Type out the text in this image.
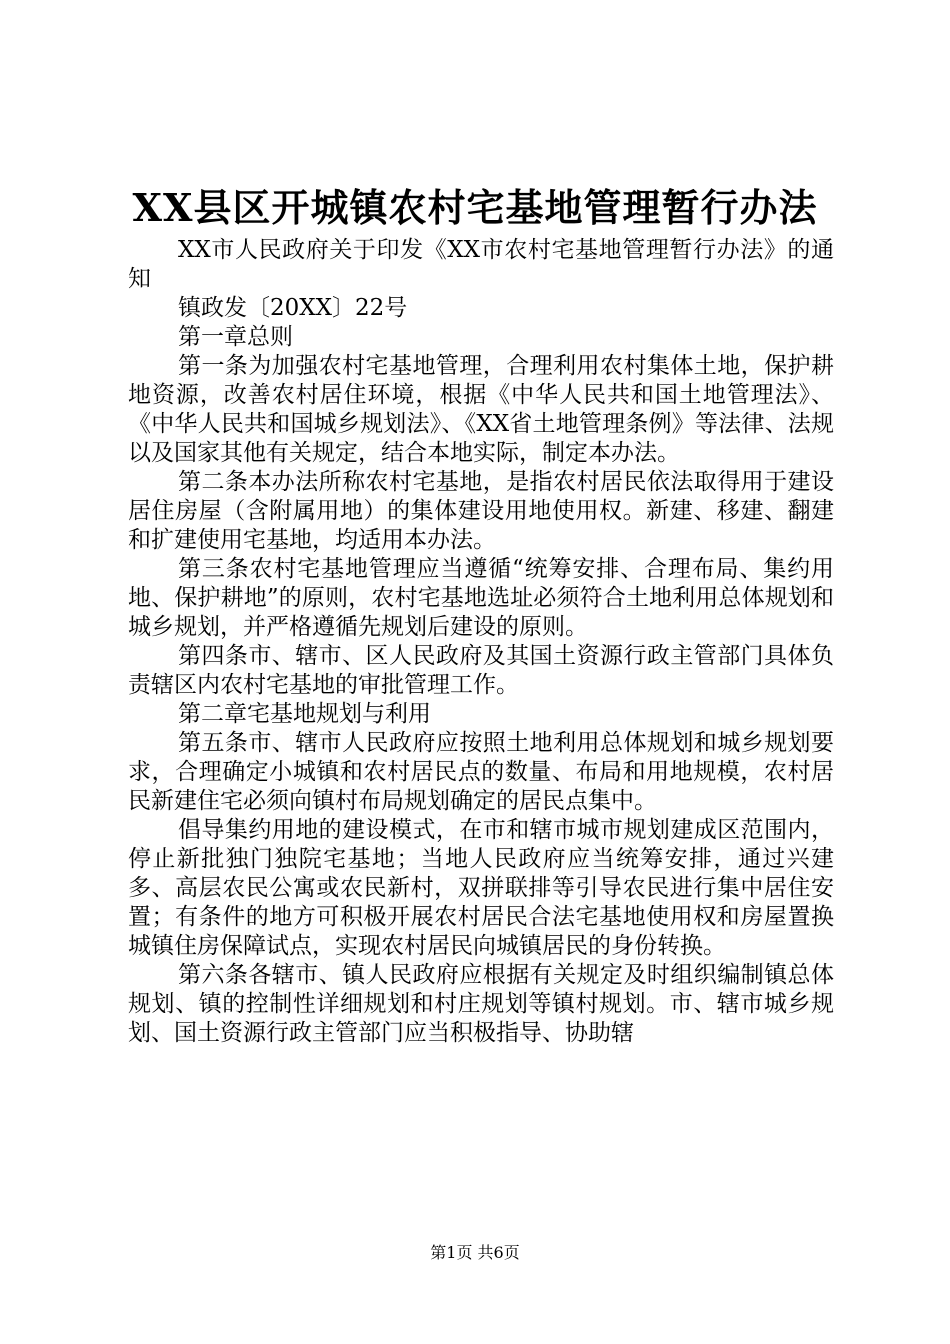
XX县区开城镇农村宅基地管理暂行办法

XX市人民政府关于印发《XX市农村宅基地管理暂行办法》的通知

镇政发〔20XX〕22号

第一章总则

第一条为加强农村宅基地管理，合理利用农村集体土地，保护耕地资源，改善农村居住环境，根据《中华人民共和国土地管理法》、《中华人民共和国城乡规划法》、《XX省土地管理条例》等法律、法规以及国家其他有关规定，结合本地实际，制定本办法。

第二条本办法所称农村宅基地，是指农村居民依法取得用于建设居住房屋（含附属用地）的集体建设用地使用权。新建、移建、翻建和扩建使用宅基地，均适用本办法。

第三条农村宅基地管理应当遵循“统筹安排、合理布局、集约用地、保护耕地”的原则，农村宅基地选址必须符合土地利用总体规划和城乡规划，并严格遵循先规划后建设的原则。

第四条市、辖市、区人民政府及其国土资源行政主管部门具体负责辖区内农村宅基地的审批管理工作。

第二章宅基地规划与利用

第五条市、辖市人民政府应按照土地利用总体规划和城乡规划要求，合理确定小城镇和农村居民点的数量、布局和用地规模，农村居民新建住宅必须向镇村布局规划确定的居民点集中。

倡导集约用地的建设模式，在市和辖市城市规划建成区范围内，停止新批独门独院宅基地；当地人民政府应当统筹安排，通过兴建多、高层农民公寓或农民新村，双拼联排等引导农民进行集中居住安置；有条件的地方可积极开展农村居民合法宅基地使用权和房屋置换城镇住房保障试点，实现农村居民向城镇居民的身份转换。

第六条各辖市、镇人民政府应根据有关规定及时组织编制镇总体规划、镇的控制性详细规划和村庄规划等镇村规划。市、辖市城乡规划、国土资源行政主管部门应当积极指导、协助辖

第1页 共6页
